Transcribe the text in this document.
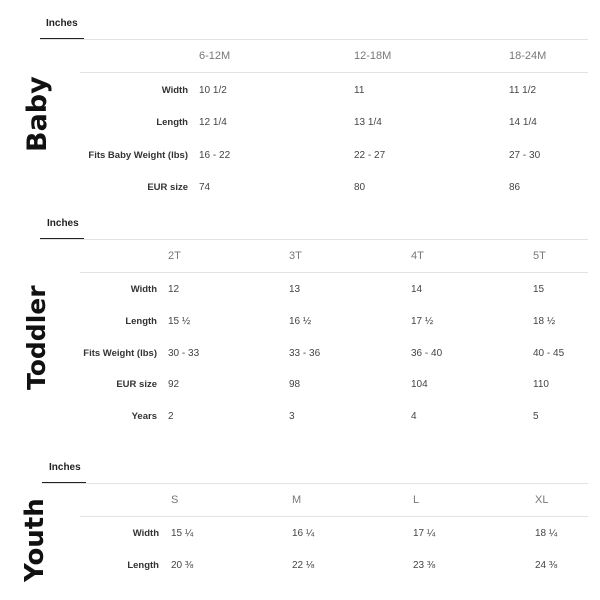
Inches
Baby
6-12M	12-18M	18-24M
Width 10 1/2	11	11 1/2
Length 12 1/4	13 1/4	14 1/4
Fits Baby Weight (lbs) 16 - 22	22 - 27	27 - 30
EUR size 74	80	86
Inches
Toddler
2T	3T	4T	5T
Width 12	13	14	15
Length 15 ½	16 ½	17 ½	18 ½
Fits Weight (lbs) 30 - 33	33 - 36	36 - 40	40 - 45
EUR size 92	98	104	110
Years 2	3	4	5
Inches
Youth	S	M	L	XL
Width 15 ¼	16 ¼	17 ¼	18 ¼
Length 20 ⅜	22 ⅛	23 ⅜	24 ⅜
